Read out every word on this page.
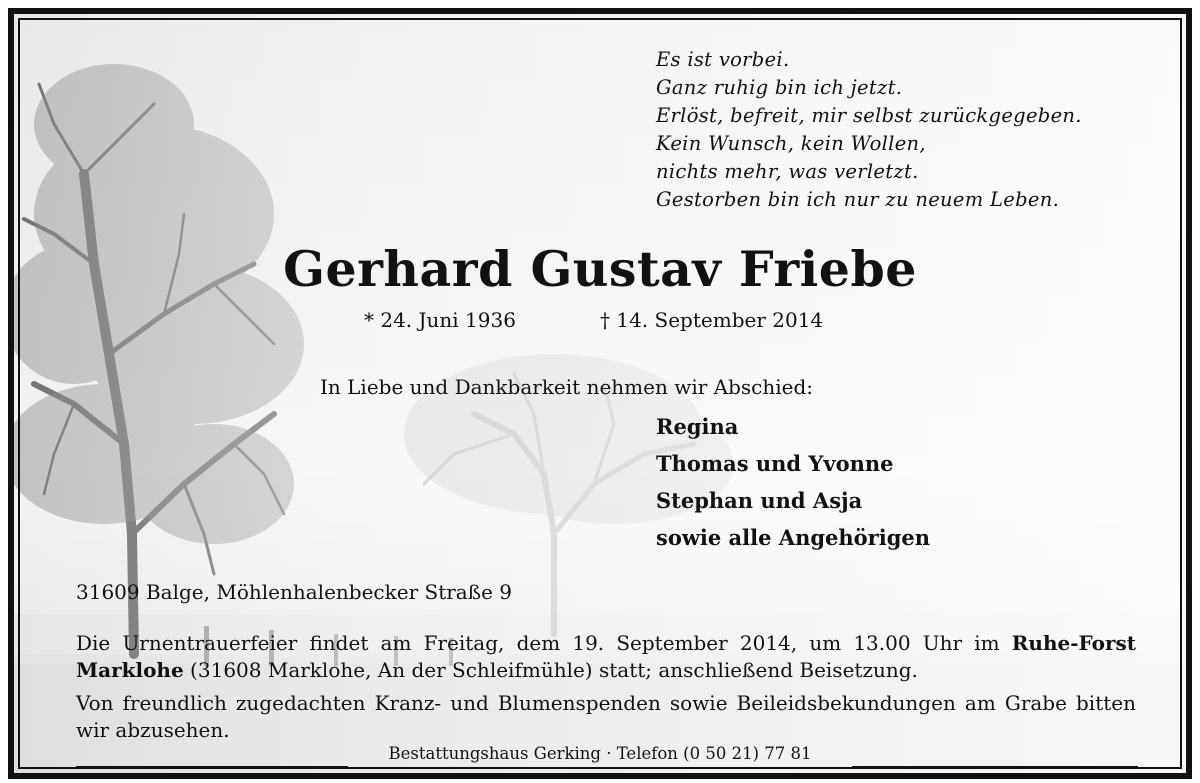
Es ist vorbei.
Ganz ruhig bin ich jetzt.
Erlöst, befreit, mir selbst zurückgegeben.
Kein Wunsch, kein Wollen,
nichts mehr, was verletzt.
Gestorben bin ich nur zu neuem Leben.
Gerhard Gustav Friebe
* 24. Juni 1936	† 14. September 2014
In Liebe und Dankbarkeit nehmen wir Abschied:
Regina
Thomas und Yvonne
Stephan und Asja
sowie alle Angehörigen
31609 Balge, Möhlenhalenbecker Straße 9
Die Urnentrauerfeier findet am Freitag, dem 19. September 2014, um 13.00 Uhr im Ruhe-Forst Marklohe (31608 Marklohe, An der Schleifmühle) statt; anschließend Beisetzung.
Von freundlich zugedachten Kranz- und Blumenspenden sowie Beileidsbekundungen am Grabe bitten wir abzusehen.
Bestattungshaus Gerking · Telefon (0 50 21) 77 81
